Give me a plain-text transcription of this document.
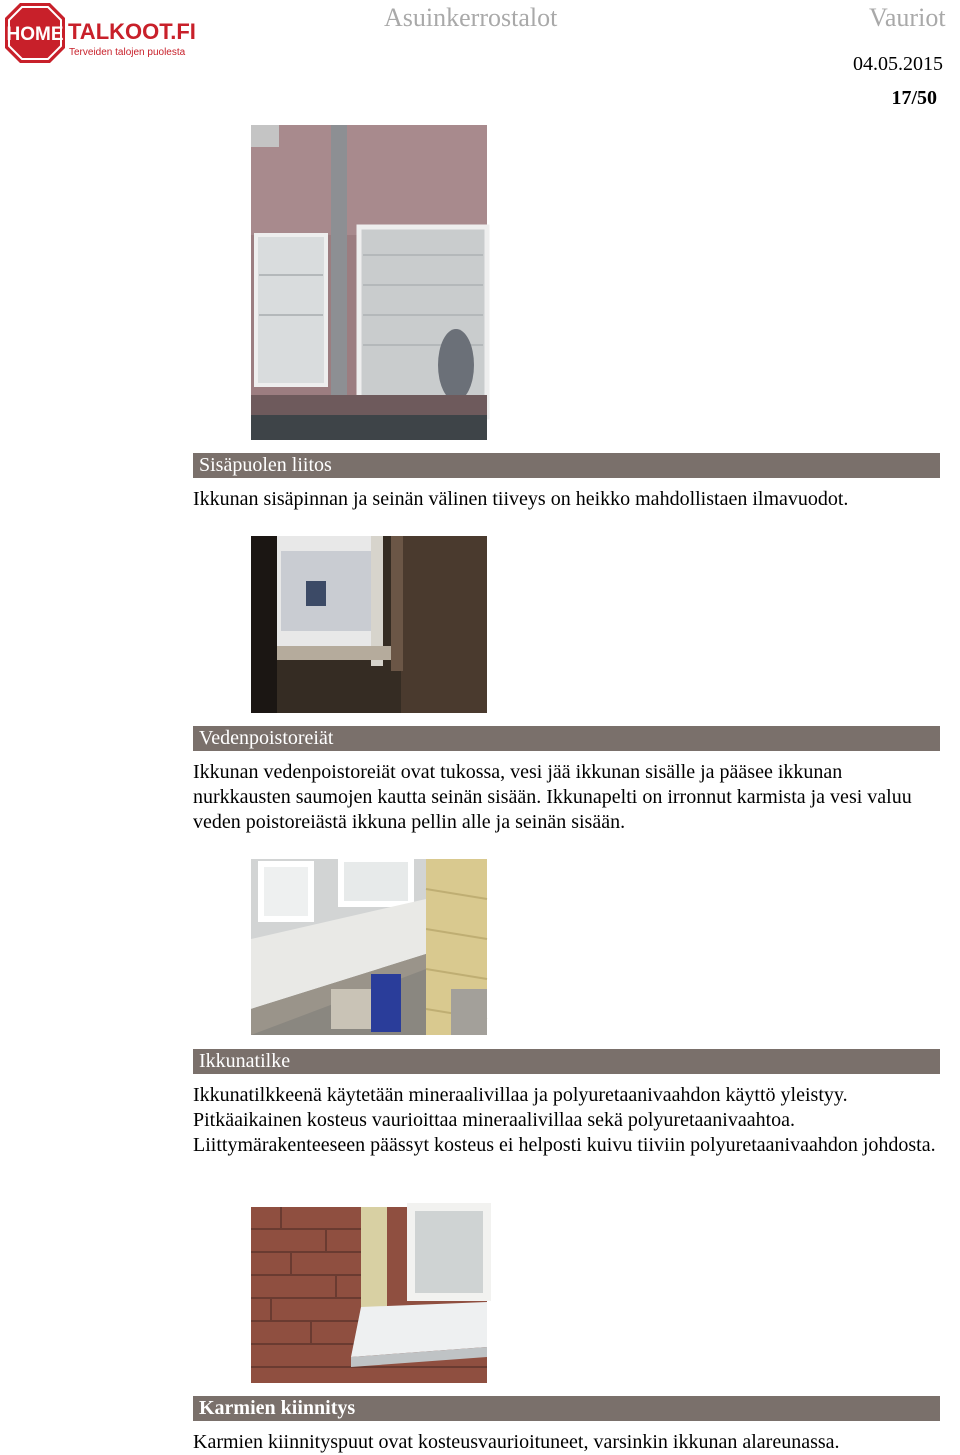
HOME TALKOOT.FI
Terveiden talojen puolesta
Asuinkerrostalot	Vauriot
04.05.2015
17/50
Sisäpuolen liitos

Ikkunan sisäpinnan ja seinän välinen tiiveys on heikko mahdollistaen ilmavuodot.

Vedenpoistoreiät

Ikkunan vedenpoistoreiät ovat tukossa, vesi jää ikkunan sisälle ja pääsee ikkunan nurkkausten saumojen kautta seinän sisään. Ikkunapelti on irronnut karmista ja vesi valuu veden poistoreiästä ikkuna pellin alle ja seinän sisään.

Ikkunatilke

Ikkunatilkkeenä käytetään mineraalivillaa ja polyuretaanivaahdon käyttö yleistyy. Pitkäaikainen kosteus vaurioittaa mineraalivillaa sekä polyuretaanivaahtoa. Liittymärakenteeseen päässyt kosteus ei helposti kuivu tiiviin polyuretaanivaahdon johdosta.

Karmien kiinnitys

Karmien kiinnityspuut ovat kosteusvaurioituneet, varsinkin ikkunan alareunassa.
